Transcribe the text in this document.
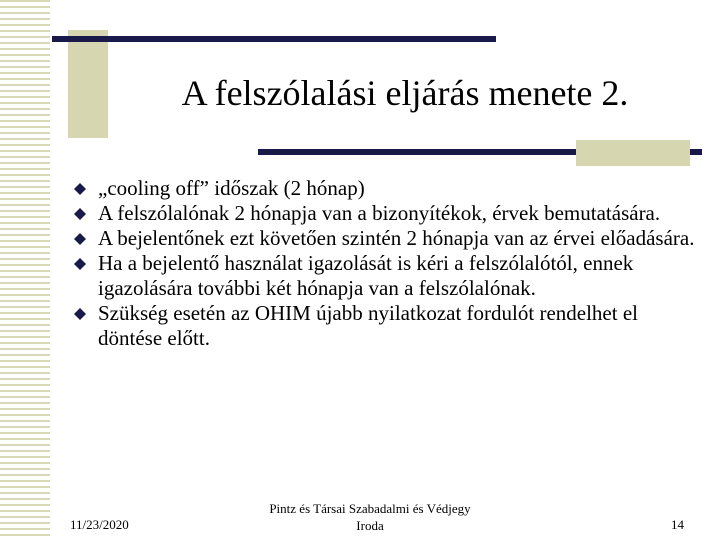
A felszólalási eljárás menete 2.
„cooling off” időszak (2 hónap)
A felszólalónak 2 hónapja van a bizonyítékok, érvek bemutatására.
A bejelentőnek ezt követően szintén 2 hónapja van az érvei előadására.
Ha a bejelentő használat igazolását is kéri a felszólalótól, ennek igazolására további két hónapja van a felszólalónak.
Szükség esetén az OHIM újabb nyilatkozat fordulót rendelhet el döntése előtt.
11/23/2020
Pintz és Társai Szabadalmi és Védjegy
Iroda	14
